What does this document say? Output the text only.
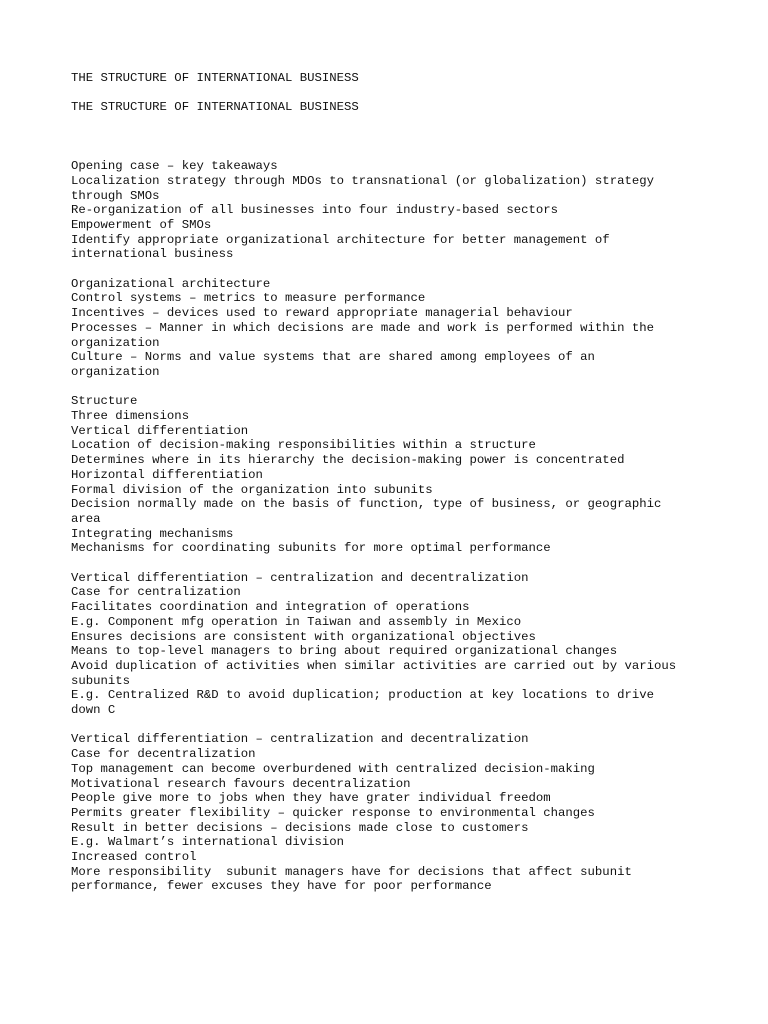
THE STRUCTURE OF INTERNATIONAL BUSINESS
THE STRUCTURE OF INTERNATIONAL BUSINESS
Opening case – key takeaways
Localization strategy through MDOs to transnational (or globalization) strategy
through SMOs
Re-organization of all businesses into four industry-based sectors
Empowerment of SMOs
Identify appropriate organizational architecture for better management of
international business
Organizational architecture
Control systems – metrics to measure performance
Incentives – devices used to reward appropriate managerial behaviour
Processes – Manner in which decisions are made and work is performed within the
organization
Culture – Norms and value systems that are shared among employees of an
organization
Structure
Three dimensions
Vertical differentiation
Location of decision-making responsibilities within a structure
Determines where in its hierarchy the decision-making power is concentrated
Horizontal differentiation
Formal division of the organization into subunits
Decision normally made on the basis of function, type of business, or geographic
area
Integrating mechanisms
Mechanisms for coordinating subunits for more optimal performance
Vertical differentiation – centralization and decentralization
Case for centralization
Facilitates coordination and integration of operations
E.g. Component mfg operation in Taiwan and assembly in Mexico
Ensures decisions are consistent with organizational objectives
Means to top-level managers to bring about required organizational changes
Avoid duplication of activities when similar activities are carried out by various
subunits
E.g. Centralized R&D to avoid duplication; production at key locations to drive
down C
Vertical differentiation – centralization and decentralization
Case for decentralization
Top management can become overburdened with centralized decision-making
Motivational research favours decentralization
People give more to jobs when they have grater individual freedom
Permits greater flexibility – quicker response to environmental changes
Result in better decisions – decisions made close to customers
E.g. Walmart’s international division
Increased control
More responsibility  subunit managers have for decisions that affect subunit
performance, fewer excuses they have for poor performance
